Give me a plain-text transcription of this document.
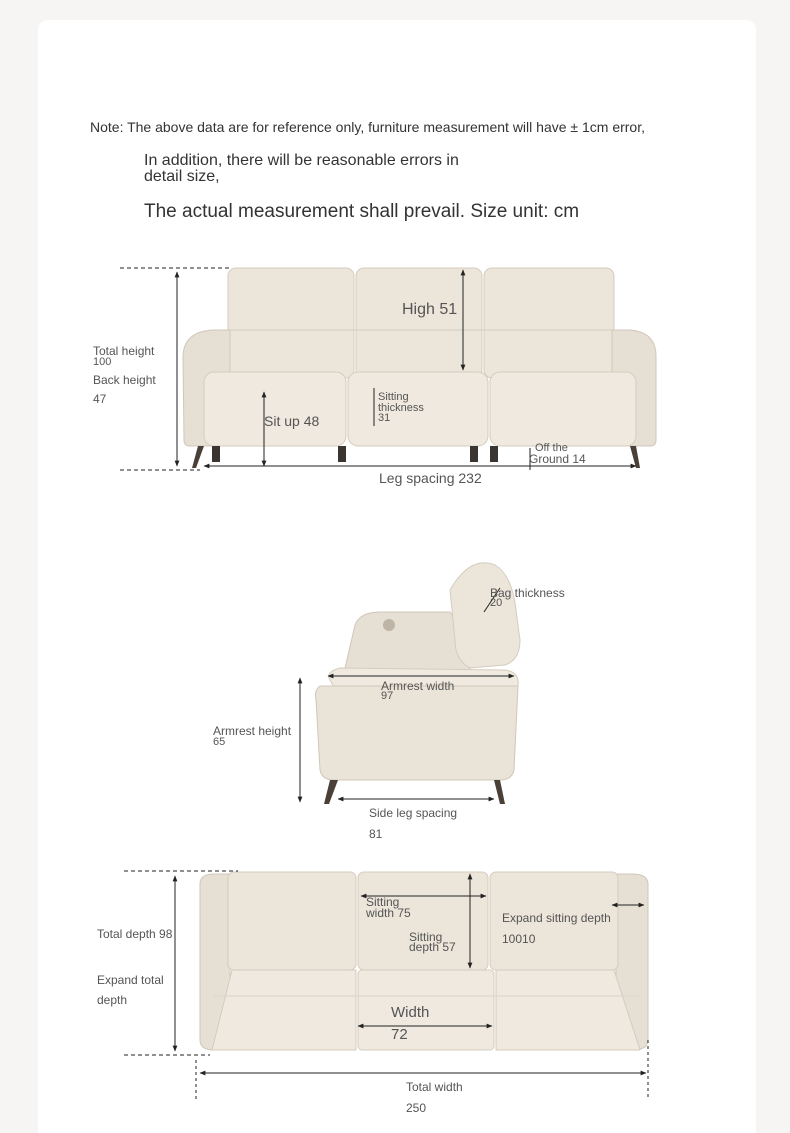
Note: The above data are for reference only, furniture measurement will have ± 1cm error,
In addition, there will be reasonable errors in
detail size,
The actual measurement shall prevail. Size unit: cm
Total height
100
Back height
47
High 51
Sit up 48
Sitting
thickness
31
Off the
Ground 14
Leg spacing 232
Bag thickness
20
Armrest width
97
Armrest height
65
Side leg spacing
81
Total depth 98
Expand total
depth
Sitting
width 75
Sitting
depth 57
Expand sitting depth
10010
Width
72
Total width
250
